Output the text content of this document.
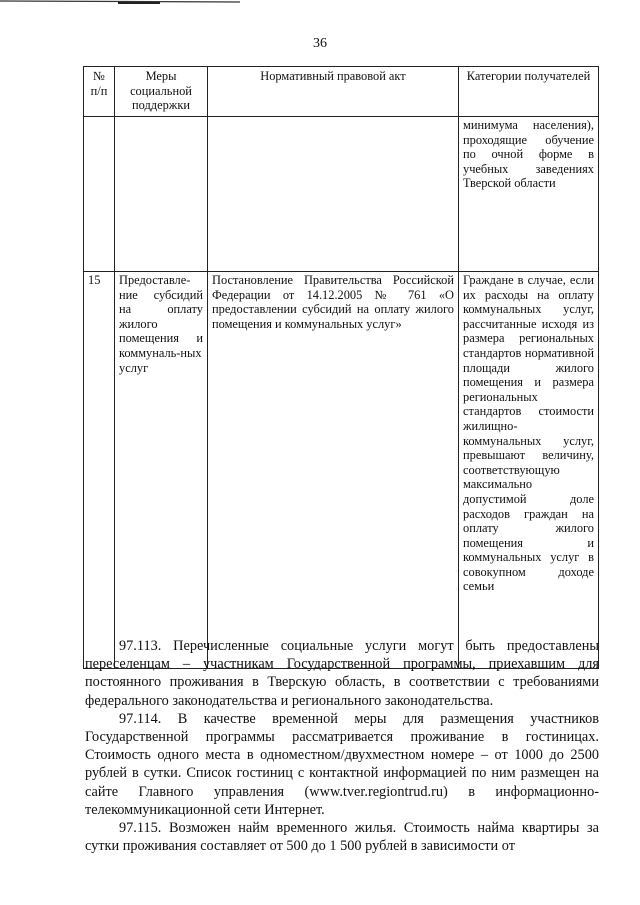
36
№ п/п	Меры социальной поддержки	Нормативный правовой акт	Категории получателей
			минимума населения), проходящие обучение по очной форме в учебных заведениях Тверской области
15	Предоставле-ние субсидий на оплату жилого помещения и коммуналь-ных услуг	Постановление Правительства Российской Федерации от 14.12.2005 № 761 «О предоставлении субсидий на оплату жилого помещения и коммунальных услуг»	Граждане в случае, если их расходы на оплату коммунальных услуг, рассчитанные исходя из размера региональных стандартов нормативной площади жилого помещения и размера региональных стандартов стоимости жилищно-коммунальных услуг, превышают величину, соответствующую максимально допустимой доле расходов граждан на оплату жилого помещения и коммунальных услуг в совокупном доходе семьи

97.113. Перечисленные социальные услуги могут быть предоставлены переселенцам – участникам Государственной программы, приехавшим для постоянного проживания в Тверскую область, в соответствии с требованиями федерального законодательства и регионального законодательства.

97.114. В качестве временной меры для размещения участников Государственной программы рассматривается проживание в гостиницах. Стоимость одного места в одноместном/двухместном номере – от 1000 до 2500 рублей в сутки. Список гостиниц с контактной информацией по ним размещен на сайте Главного управления (www.tver.regiontrud.ru) в информационно-телекоммуникационной сети Интернет.

97.115. Возможен найм временного жилья. Стоимость найма квартиры за сутки проживания составляет от 500 до 1 500 рублей в зависимости от
